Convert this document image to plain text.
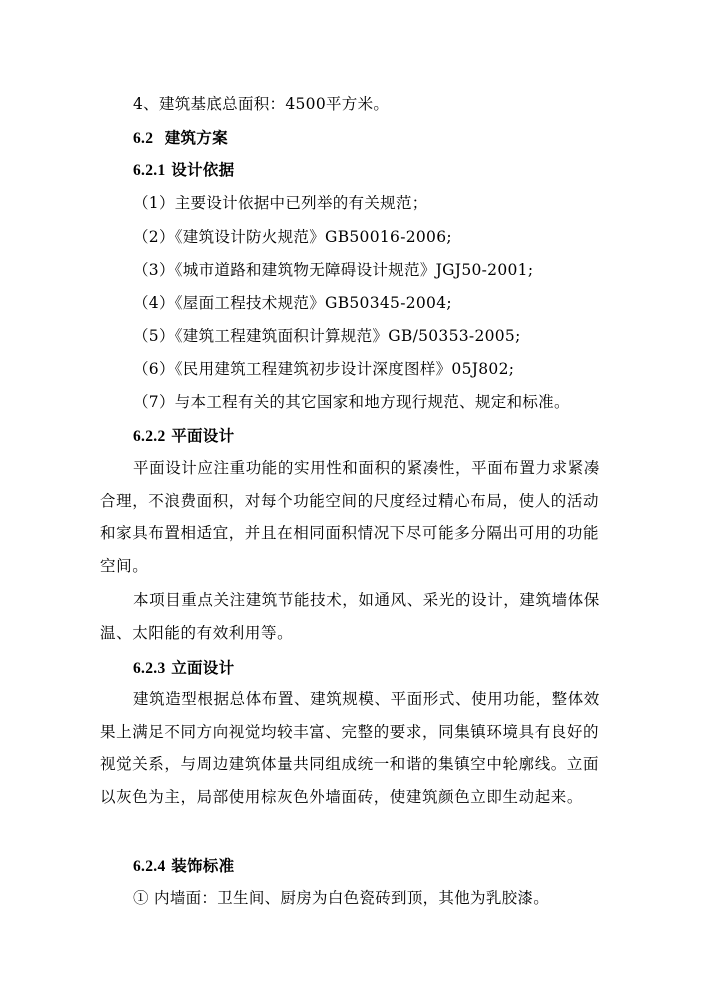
4、建筑基底总面积：4500平方米。
6.2 建筑方案
6.2.1 设计依据
（1）主要设计依据中已列举的有关规范；
（2）《建筑设计防火规范》GB50016-2006;
（3）《城市道路和建筑物无障碍设计规范》JGJ50-2001;
（4）《屋面工程技术规范》GB50345-2004;
（5）《建筑工程建筑面积计算规范》GB/50353-2005;
（6）《民用建筑工程建筑初步设计深度图样》05J802;
（7）与本工程有关的其它国家和地方现行规范、规定和标准。
6.2.2 平面设计
平面设计应注重功能的实用性和面积的紧凑性，平面布置力求紧凑合理，不浪费面积，对每个功能空间的尺度经过精心布局，使人的活动和家具布置相适宜，并且在相同面积情况下尽可能多分隔出可用的功能空间。
本项目重点关注建筑节能技术，如通风、采光的设计，建筑墙体保温、太阳能的有效利用等。
6.2.3 立面设计
建筑造型根据总体布置、建筑规模、平面形式、使用功能，整体效果上满足不同方向视觉均较丰富、完整的要求，同集镇环境具有良好的视觉关系，与周边建筑体量共同组成统一和谐的集镇空中轮廓线。立面以灰色为主，局部使用棕灰色外墙面砖，使建筑颜色立即生动起来。
6.2.4 装饰标准
① 内墙面：卫生间、厨房为白色瓷砖到顶，其他为乳胶漆。
